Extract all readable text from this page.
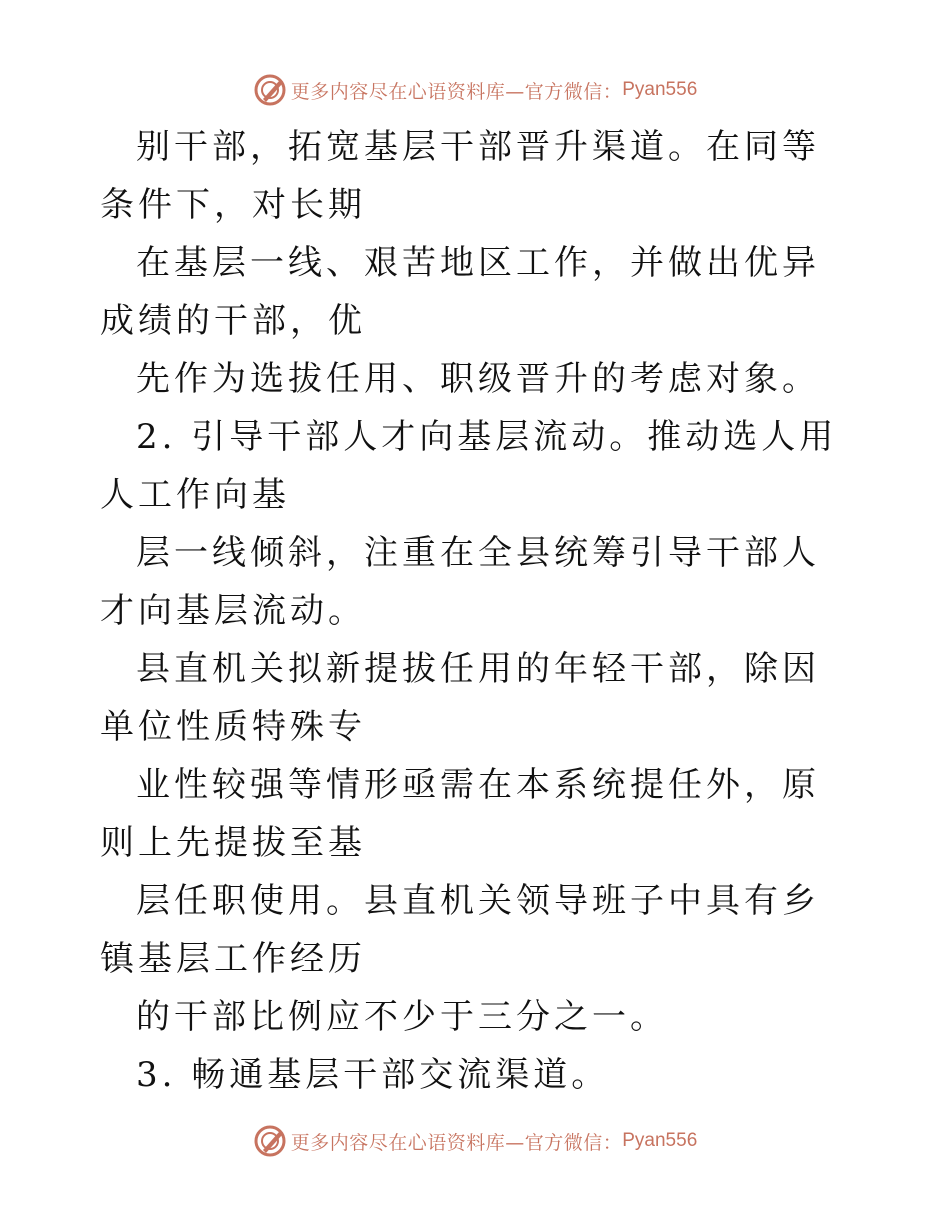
更多内容尽在心语资料库—官方微信： Pyan556

别干部，拓宽基层干部晋升渠道。在同等条件下，对长期

在基层一线、艰苦地区工作，并做出优异成绩的干部，优

先作为选拔任用、职级晋升的考虑对象。

2. 引导干部人才向基层流动。推动选人用人工作向基

层一线倾斜，注重在全县统筹引导干部人才向基层流动。

县直机关拟新提拔任用的年轻干部，除因单位性质特殊专

业性较强等情形亟需在本系统提任外，原则上先提拔至基

层任职使用。县直机关领导班子中具有乡镇基层工作经历

的干部比例应不少于三分之一。

3. 畅通基层干部交流渠道。

更多内容尽在心语资料库—官方微信： Pyan556
